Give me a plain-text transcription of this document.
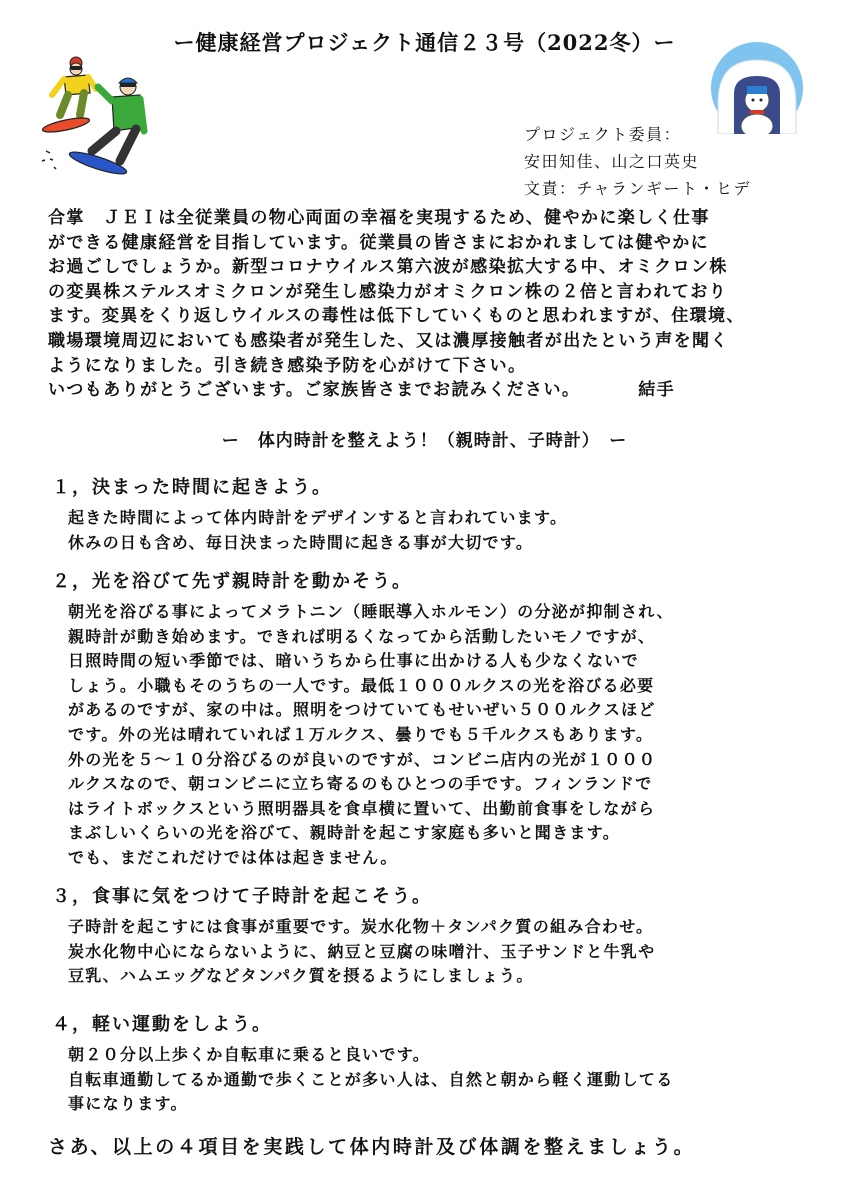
ー健康経営プロジェクト通信２３号（2022冬）ー
プロジェクト委員：
安田知佳、山之口英史
文責：チャランギート・ヒデ
合掌　ＪＥＩは全従業員の物心両面の幸福を実現するため、健やかに楽しく仕事
ができる健康経営を目指しています。従業員の皆さまにおかれましては健やかに
お過ごしでしょうか。新型コロナウイルス第六波が感染拡大する中、オミクロン株
の変異株ステルスオミクロンが発生し感染力がオミクロン株の２倍と言われており
ます。変異をくり返しウイルスの毒性は低下していくものと思われますが、住環境、
職場環境周辺においても感染者が発生した、又は濃厚接触者が出たという声を聞く
ようになりました。引き続き感染予防を心がけて下さい。
いつもありがとうございます。ご家族皆さまでお読みください。	結手
ー　体内時計を整えよう！（親時計、子時計）　ー
１，決まった時間に起きよう。
起きた時間によって体内時計をデザインすると言われています。
休みの日も含め、毎日決まった時間に起きる事が大切です。
２，光を浴びて先ず親時計を動かそう。
朝光を浴びる事によってメラトニン（睡眠導入ホルモン）の分泌が抑制され、
親時計が動き始めます。できれば明るくなってから活動したいモノですが、
日照時間の短い季節では、暗いうちから仕事に出かける人も少なくないで
しょう。小職もそのうちの一人です。最低１０００ルクスの光を浴びる必要
があるのですが、家の中は。照明をつけていてもせいぜい５００ルクスほど
です。外の光は晴れていれば１万ルクス、曇りでも５千ルクスもあります。
外の光を５～１０分浴びるのが良いのですが、コンビニ店内の光が１０００
ルクスなので、朝コンビニに立ち寄るのもひとつの手です。フィンランドで
はライトボックスという照明器具を食卓横に置いて、出勤前食事をしながら
まぶしいくらいの光を浴びて、親時計を起こす家庭も多いと聞きます。
でも、まだこれだけでは体は起きません。
３，食事に気をつけて子時計を起こそう。
子時計を起こすには食事が重要です。炭水化物＋タンパク質の組み合わせ。
炭水化物中心にならないように、納豆と豆腐の味噌汁、玉子サンドと牛乳や
豆乳、ハムエッグなどタンパク質を摂るようにしましょう。
４，軽い運動をしよう。
朝２０分以上歩くか自転車に乗ると良いです。
自転車通勤してるか通勤で歩くことが多い人は、自然と朝から軽く運動してる
事になります。
さあ、以上の４項目を実践して体内時計及び体調を整えましょう。
